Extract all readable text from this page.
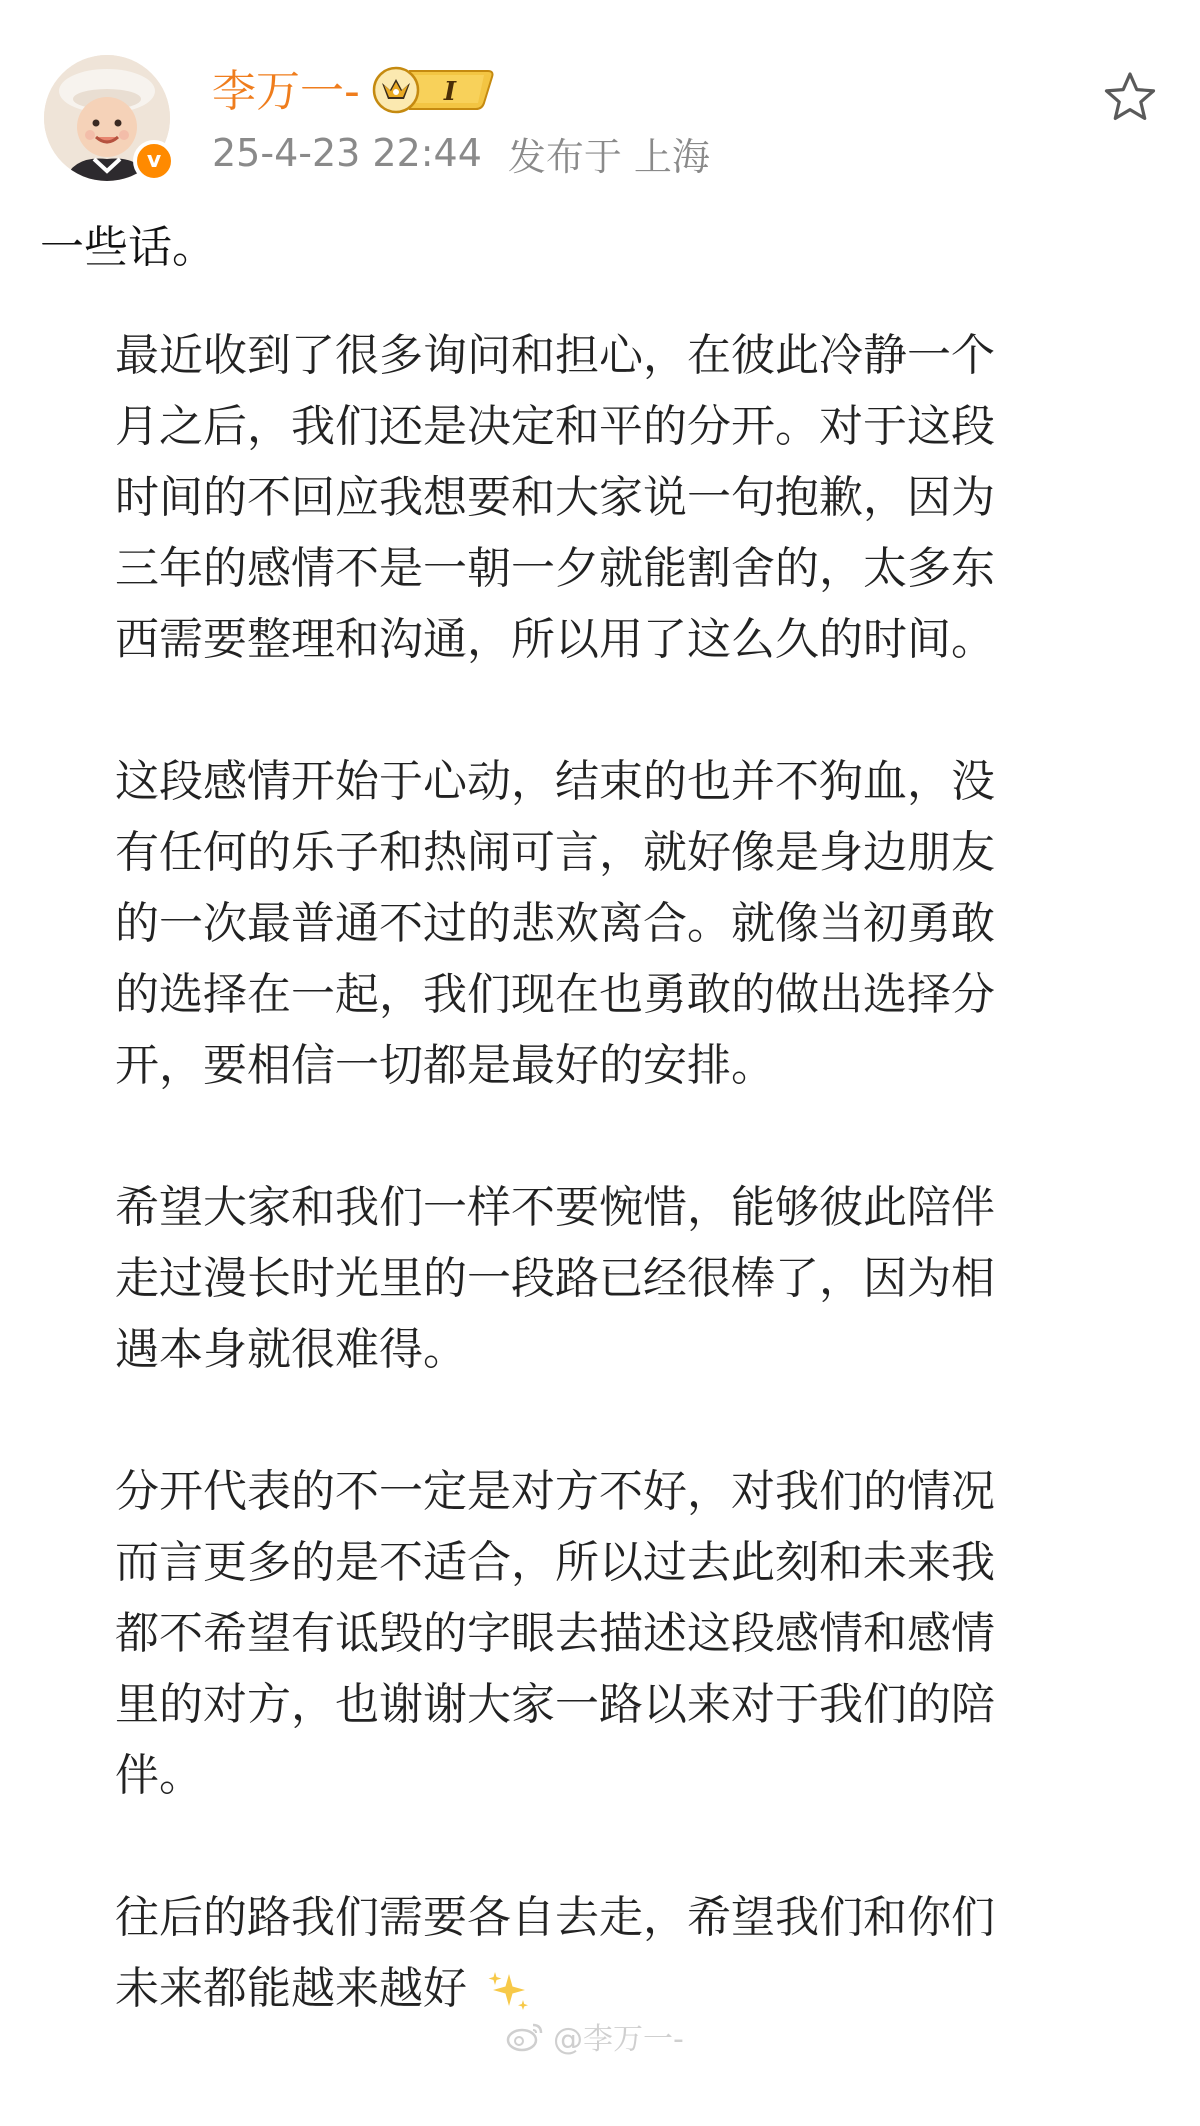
v
李万一-	I
25-4-23 22:44 发布于 上海
一些话。
最近收到了很多询问和担心，在彼此冷静一个
月之后，我们还是决定和平的分开。对于这段
时间的不回应我想要和大家说一句抱歉，因为
三年的感情不是一朝一夕就能割舍的，太多东
西需要整理和沟通，所以用了这么久的时间。
这段感情开始于心动，结束的也并不狗血，没
有任何的乐子和热闹可言，就好像是身边朋友
的一次最普通不过的悲欢离合。就像当初勇敢
的选择在一起，我们现在也勇敢的做出选择分
开，要相信一切都是最好的安排。
希望大家和我们一样不要惋惜，能够彼此陪伴
走过漫长时光里的一段路已经很棒了，因为相
遇本身就很难得。
分开代表的不一定是对方不好，对我们的情况
而言更多的是不适合，所以过去此刻和未来我
都不希望有诋毁的字眼去描述这段感情和感情
里的对方，也谢谢大家一路以来对于我们的陪
伴。
往后的路我们需要各自去走，希望我们和你们
未来都能越来越好
@李万一-
